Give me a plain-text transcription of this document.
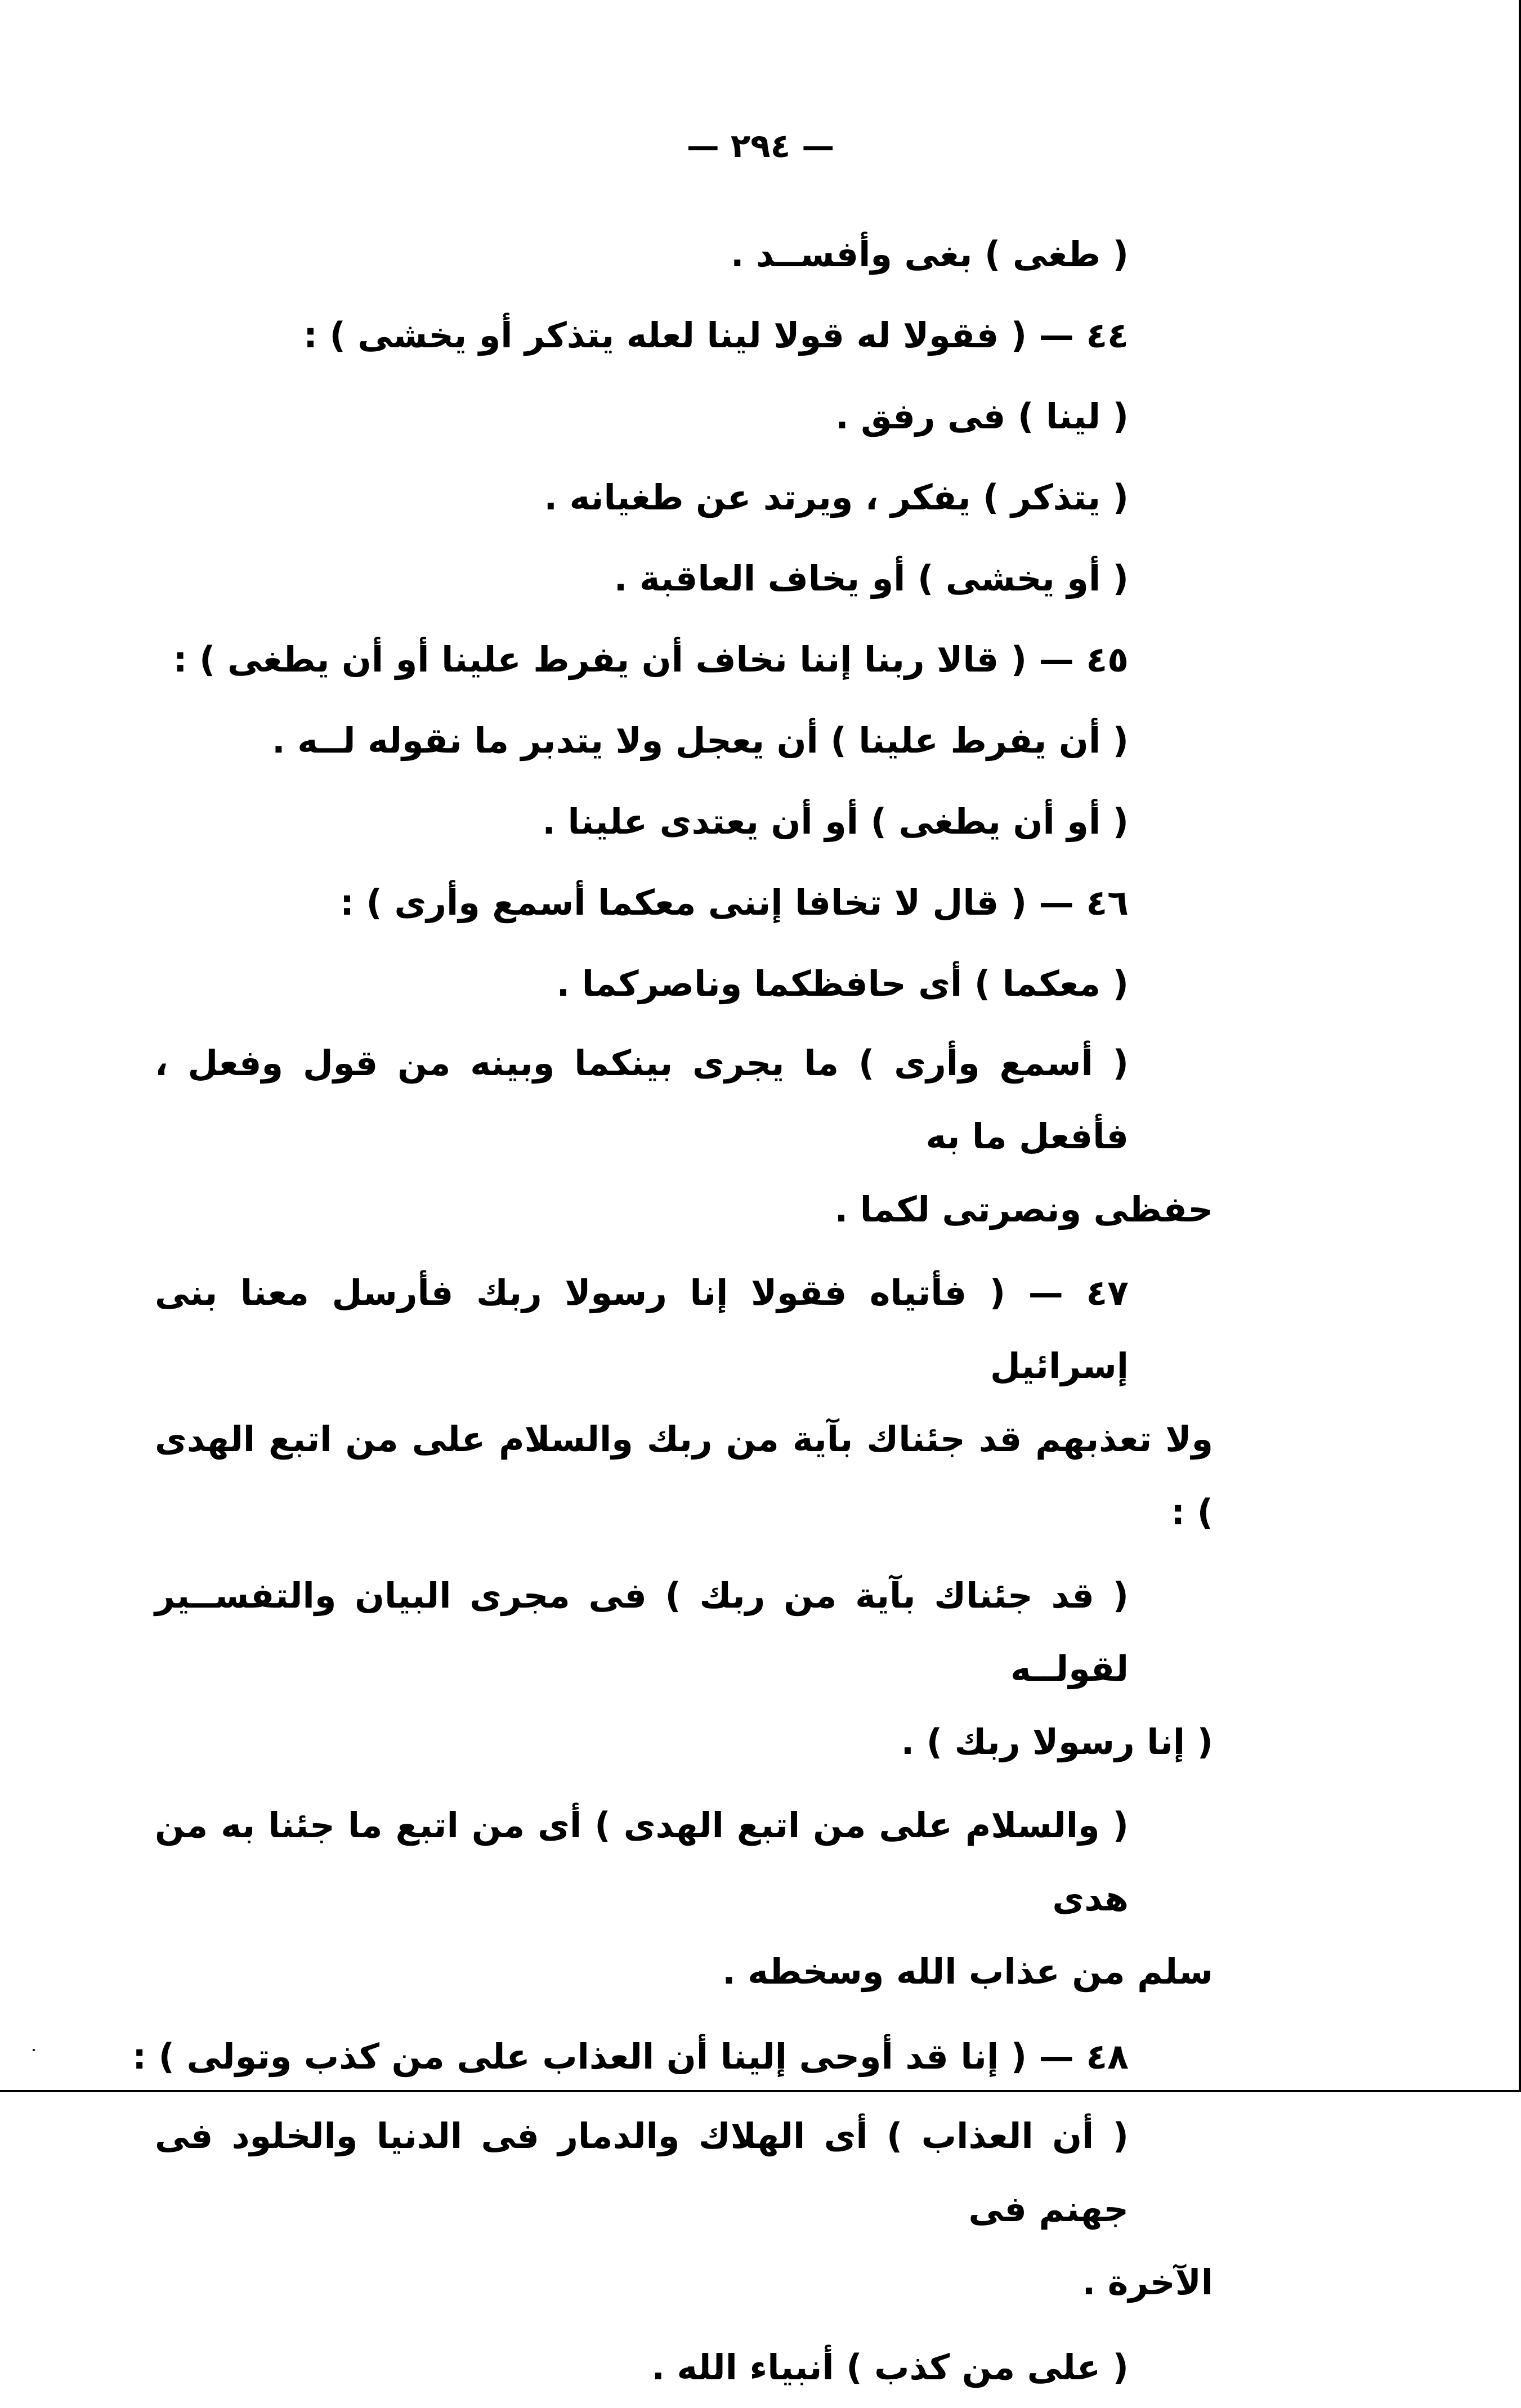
— ٢٩٤ —

( طغى ) بغى وأفســد .

٤٤ — ( فقولا له قولا لينا لعله يتذكر أو يخشى ) :

( لينا ) فى رفق .

( يتذكر ) يفكر ، ويرتد عن طغيانه .

( أو يخشى ) أو يخاف العاقبة .

٤٥ — ( قالا ربنا إننا نخاف أن يفرط علينا أو أن يطغى ) :

( أن يفرط علينا ) أن يعجل ولا يتدبر ما نقوله لــه .

( أو أن يطغى ) أو أن يعتدى علينا .

٤٦ — ( قال لا تخافا إننى معكما أسمع وأرى ) :

( معكما ) أى حافظكما وناصركما .

( أسمع وأرى ) ما يجرى بينكما وبينه من قول وفعل ، فأفعل ما به
حفظى ونصرتى لكما .
٤٧ — ( فأتياه فقولا إنا رسولا ربك فأرسل معنا بنى إسرائيل
ولا تعذبهم قد جئناك بآية من ربك والسلام على من اتبع الهدى ) :
( قد جئناك بآية من ربك ) فى مجرى البيان والتفســير لقولــه
( إنا رسولا ربك ) .
( والسلام على من اتبع الهدى ) أى من اتبع ما جئنا به من هدى
سلم من عذاب الله وسخطه .

٤٨ — ( إنا قد أوحى إلينا أن العذاب على من كذب وتولى ) :

( أن العذاب ) أى الهلاك والدمار فى الدنيا والخلود فى جهنم فى
الآخرة .

( على من كذب ) أنبياء الله .
